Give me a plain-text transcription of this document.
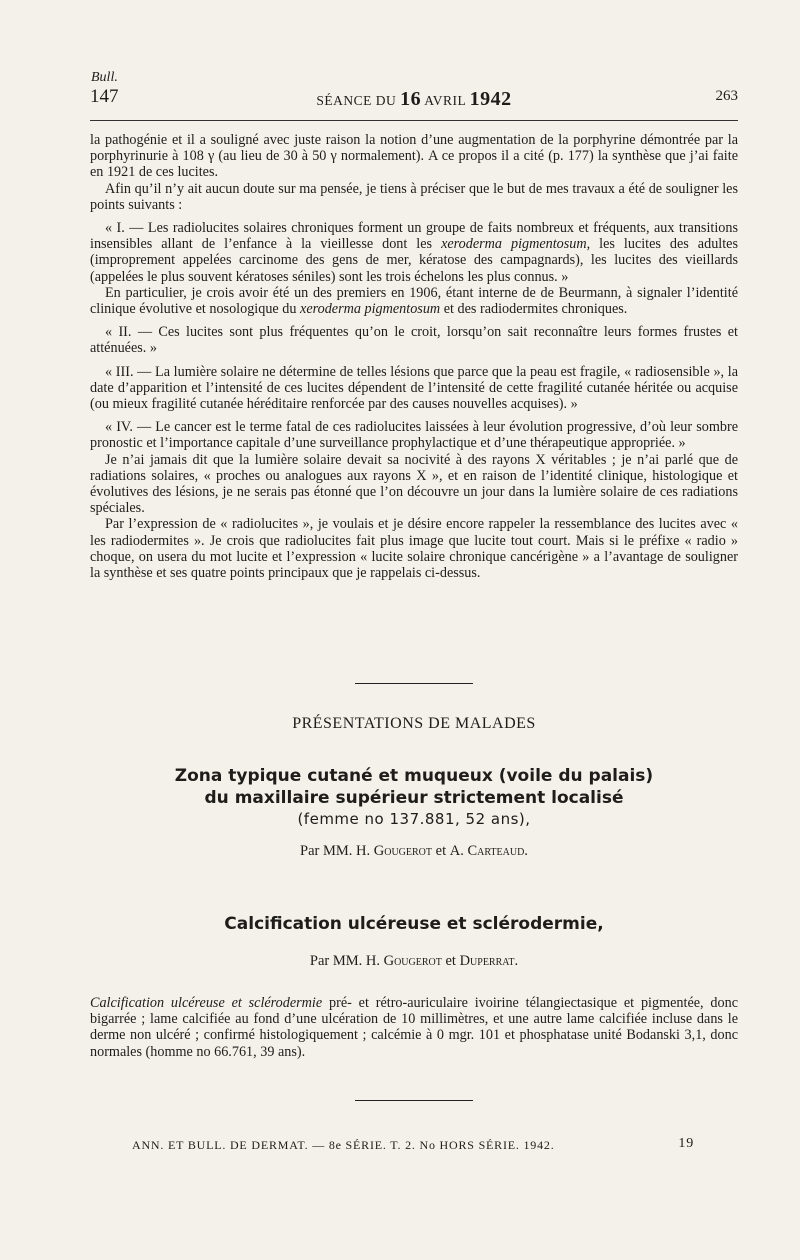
Bull.
147	SÉANCE DU 16 AVRIL 1942	263

la pathogénie et il a souligné avec juste raison la notion d’une augmentation de la porphyrine démontrée par la porphyrinurie à 108 γ (au lieu de 30 à 50 γ normalement). A ce propos il a cité (p. 177) la synthèse que j’ai faite en 1921 de ces lucites.

Afin qu’il n’y ait aucun doute sur ma pensée, je tiens à préciser que le but de mes travaux a été de souligner les points suivants :

« I. — Les radiolucites solaires chroniques forment un groupe de faits nombreux et fréquents, aux transitions insensibles allant de l’enfance à la vieillesse dont les xeroderma pigmentosum, les lucites des adultes (improprement appelées carcinome des gens de mer, kératose des campagnards), les lucites des vieillards (appelées le plus souvent kératoses séniles) sont les trois échelons les plus connus. »

En particulier, je crois avoir été un des premiers en 1906, étant interne de de Beurmann, à signaler l’identité clinique évolutive et nosologique du xeroderma pigmentosum et des radiodermites chroniques.

« II. — Ces lucites sont plus fréquentes qu’on le croit, lorsqu’on sait reconnaître leurs formes frustes et atténuées. »

« III. — La lumière solaire ne détermine de telles lésions que parce que la peau est fragile, « radiosensible », la date d’apparition et l’intensité de ces lucites dépendent de l’intensité de cette fragilité cutanée héritée ou acquise (ou mieux fragilité cutanée héréditaire renforcée par des causes nouvelles acquises). »

« IV. — Le cancer est le terme fatal de ces radiolucites laissées à leur évolution progressive, d’où leur sombre pronostic et l’importance capitale d’une surveillance prophylactique et d’une thérapeutique appropriée. »

Je n’ai jamais dit que la lumière solaire devait sa nocivité à des rayons X véritables ; je n’ai parlé que de radiations solaires, « proches ou analogues aux rayons X », et en raison de l’identité clinique, histologique et évolutives des lésions, je ne serais pas étonné que l’on découvre un jour dans la lumière solaire de ces radiations spéciales.

Par l’expression de « radiolucites », je voulais et je désire encore rappeler la ressemblance des lucites avec « les radiodermites ». Je crois que radiolucites fait plus image que lucite tout court. Mais si le préfixe « radio » choque, on usera du mot lucite et l’expression « lucite solaire chronique cancérigène » a l’avantage de souligner la synthèse et ses quatre points principaux que je rappelais ci-dessus.

PRÉSENTATIONS DE MALADES
Zona typique cutané et muqueux (voile du palais)
du maxillaire supérieur strictement localisé
(femme no 137.881, 52 ans),
Par MM. H. Gougerot et A. Carteaud.
Calcification ulcéreuse et sclérodermie,
Par MM. H. Gougerot et Duperrat.
Calcification ulcéreuse et sclérodermie pré- et rétro-auriculaire ivoirine télangiectasique et pigmentée, donc bigarrée ; lame calcifiée au fond d’une ulcération de 10 millimètres, et une autre lame calcifiée incluse dans le derme non ulcéré ; confirmé histologiquement ; calcémie à 0 mgr. 101 et phosphatase unité Bodanski 3,1, donc normales (homme no 66.761, 39 ans).
ANN. ET BULL. DE DERMAT. — 8e SÉRIE. T. 2. No HORS SÉRIE. 1942.	19
